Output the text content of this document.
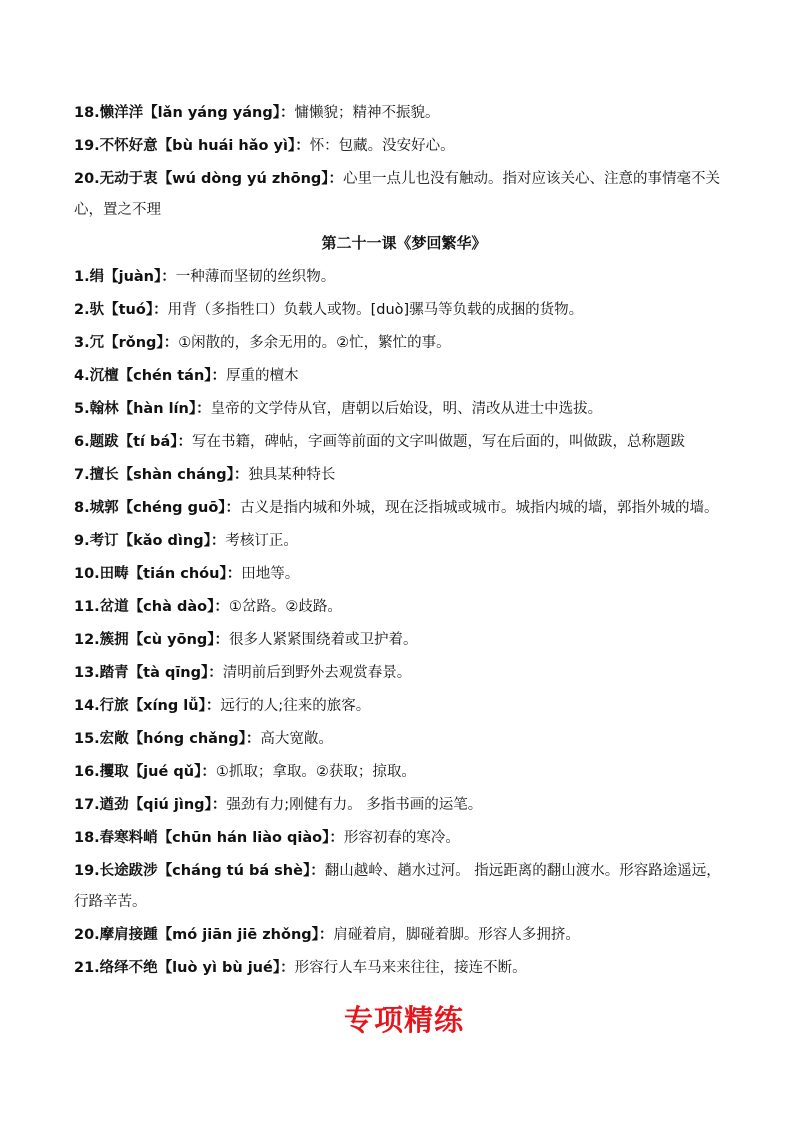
18.懒洋洋【lǎn yáng yáng】：慵懒貌；精神不振貌。
19.不怀好意【bù huái hǎo yì】：怀：包藏。没安好心。
20.无动于衷【wú dòng yú zhōng】：心里一点儿也没有触动。指对应该关心、注意的事情毫不关心，置之不理
第二十一课《梦回繁华》
1.绢【juàn】：一种薄而坚韧的丝织物。
2.驮【tuó】：用背（多指牲口）负载人或物。[duò]骡马等负载的成捆的货物。
3.冗【rǒng】：①闲散的，多余无用的。②忙，繁忙的事。
4.沉檀【chén tán】：厚重的檀木
5.翰林【hàn lín】：皇帝的文学侍从官，唐朝以后始设，明、清改从进士中选拔。
6.题跋【tí bá】：写在书籍，碑帖，字画等前面的文字叫做题，写在后面的，叫做跋，总称题跋
7.擅长【shàn cháng】：独具某种特长
8.城郭【chéng guō】：古义是指内城和外城，现在泛指城或城市。城指内城的墙，郭指外城的墙。
9.考订【kǎo dìng】：考核订正。
10.田畴【tián chóu】：田地等。
11.岔道【chà dào】：①岔路。②歧路。
12.簇拥【cù yōng】：很多人紧紧围绕着或卫护着。
13.踏青【tà qīng】：清明前后到野外去观赏春景。
14.行旅【xíng lǚ】：远行的人;往来的旅客。
15.宏敞【hóng chǎng】：高大宽敞。
16.攫取【jué qǔ】：①抓取；拿取。②获取；掠取。
17.遒劲【qiú jìng】：强劲有力;刚健有力。 多指书画的运笔。
18.春寒料峭【chūn hán liào qiào】：形容初春的寒冷。
19.长途跋涉【cháng tú bá shè】：翻山越岭、趟水过河。 指远距离的翻山渡水。形容路途遥远，行路辛苦。
20.摩肩接踵【mó jiān jiē zhǒng】：肩碰着肩，脚碰着脚。形容人多拥挤。
21.络绎不绝【luò yì bù jué】：形容行人车马来来往往，接连不断。
专项精练
